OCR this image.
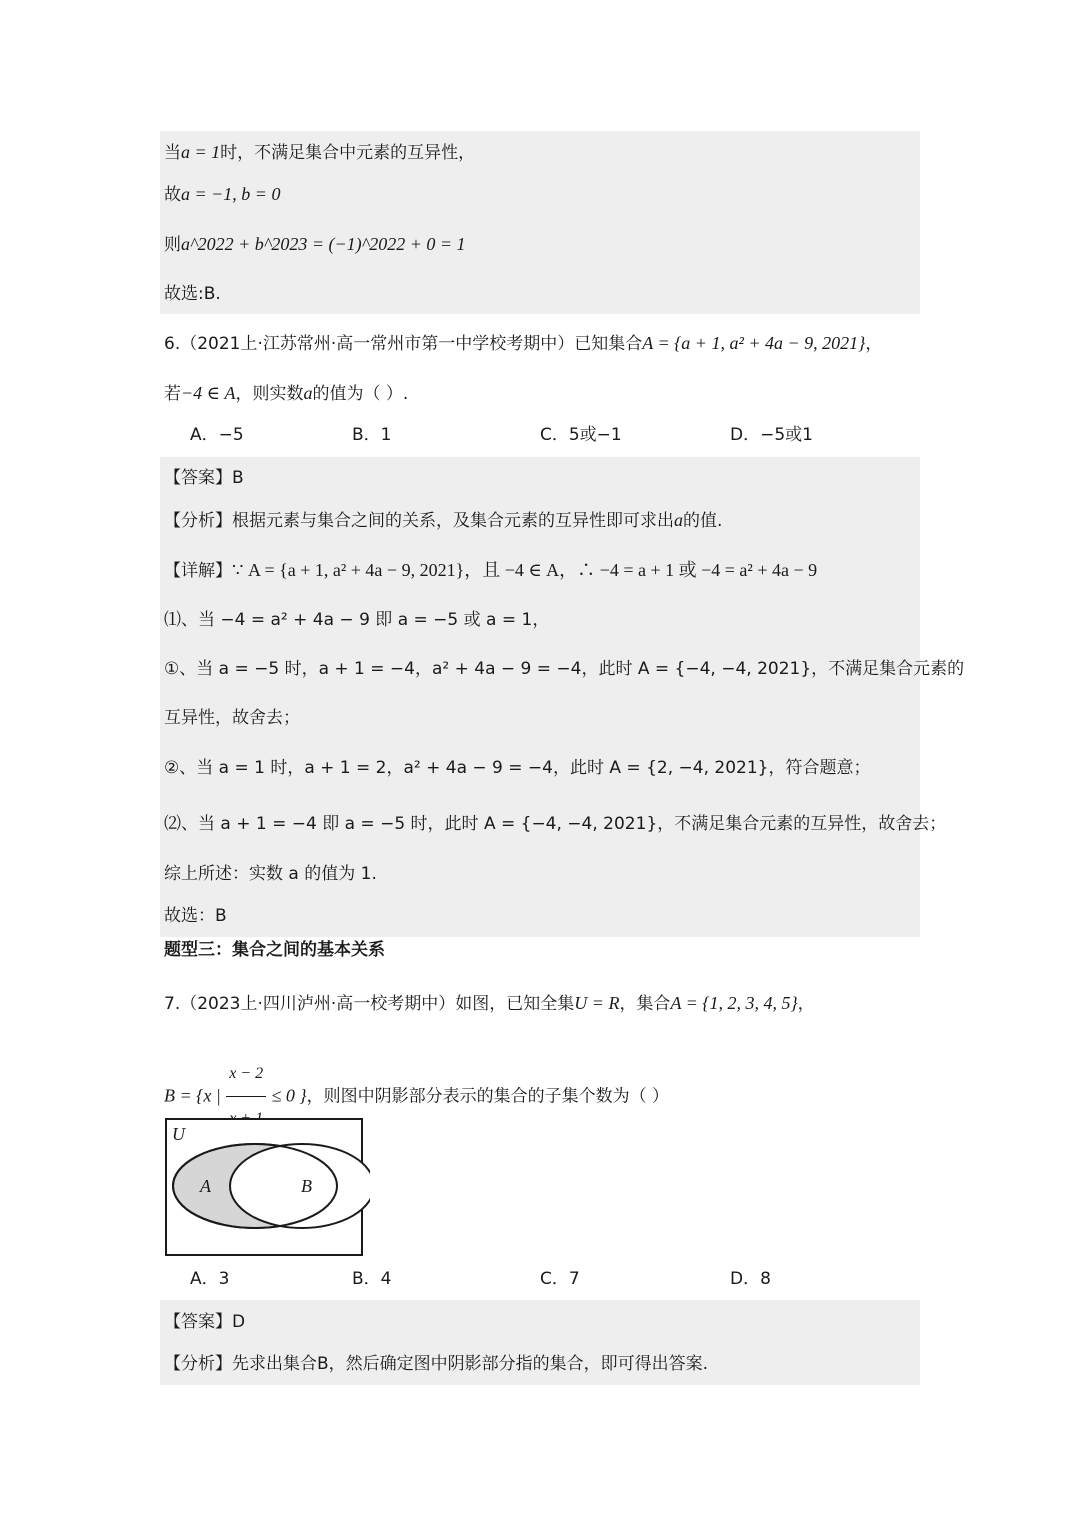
当a = 1时，不满足集合中元素的互异性，
故a = −1, b = 0
则a^2022 + b^2023 = (−1)^2022 + 0 = 1
故选:B.
6.（2021上·江苏常州·高一常州市第一中学校考期中）已知集合A = {a + 1, a² + 4a − 9, 2021}，
若−4 ∈ A，则实数a的值为（ ）.
A．−5	B．1	C．5或−1	D．−5或1
【答案】B
【分析】根据元素与集合之间的关系，及集合元素的互异性即可求出a的值.
【详解】∵ A = {a + 1, a² + 4a − 9, 2021}，且 −4 ∈ A，∴ −4 = a + 1 或 −4 = a² + 4a − 9
⑴、当 −4 = a² + 4a − 9 即 a = −5 或 a = 1，
①、当 a = −5 时，a + 1 = −4，a² + 4a − 9 = −4，此时 A = {−4, −4, 2021}，不满足集合元素的
互异性，故舍去；
②、当 a = 1 时，a + 1 = 2，a² + 4a − 9 = −4，此时 A = {2, −4, 2021}，符合题意；
⑵、当 a + 1 = −4 即 a = −5 时，此时 A = {−4, −4, 2021}，不满足集合元素的互异性，故舍去；
综上所述：实数 a 的值为 1.
故选：B
题型三：集合之间的基本关系
7.（2023上·四川泸州·高一校考期中）如图，已知全集U = R，集合A = {1, 2, 3, 4, 5}，
B = {x |
x − 2
≤ 0 }，则图中阴影部分表示的集合的子集个数为（ ）
U
A	B
A．3	B．4	C．7	D．8
【答案】D
【分析】先求出集合B，然后确定图中阴影部分指的集合，即可得出答案.
